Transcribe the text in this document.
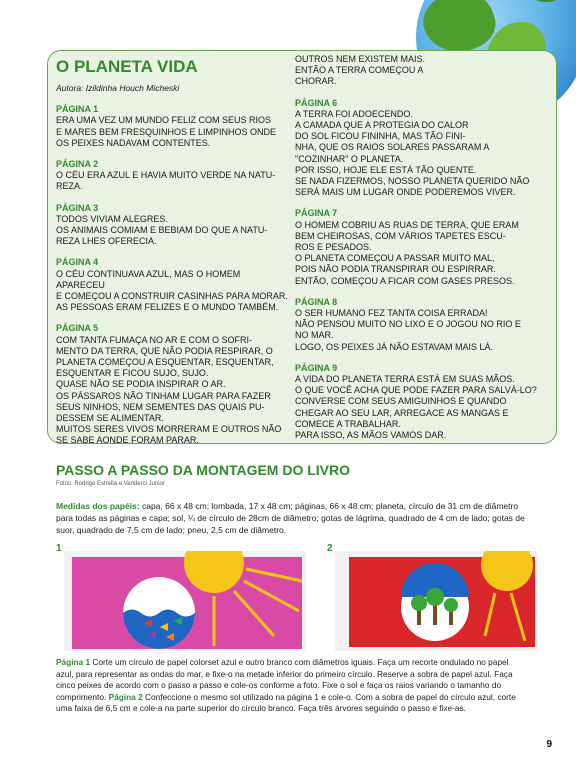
O PLANETA VIDA
Autora: Izildinha Houch Micheski
PÁGINA 1
ERA UMA VEZ UM MUNDO FELIZ COM SEUS RIOS
E MARES BEM FRESQUINHOS E LIMPINHOS ONDE
OS PEIXES NADAVAM CONTENTES.
PÁGINA 2
O CÉU ERA AZUL E HAVIA MUITO VERDE NA NATU-
REZA.
PÁGINA 3
TODOS VIVIAM ALEGRES.
OS ANIMAIS COMIAM E BEBIAM DO QUE A NATU-
REZA LHES OFERECIA.
PÁGINA 4
O CÉU CONTINUAVA AZUL, MAS O HOMEM APARECEU
E COMEÇOU A CONSTRUIR CASINHAS PARA MORAR.
AS PESSOAS ERAM FELIZES E O MUNDO TAMBÉM.
PÁGINA 5
COM TANTA FUMAÇA NO AR E COM O SOFRI-
MENTO DA TERRA, QUE NÃO PODIA RESPIRAR, O
PLANETA COMEÇOU A ESQUENTAR, ESQUENTAR,
ESQUENTAR E FICOU SUJO, SUJO.
QUASE NÃO SE PODIA INSPIRAR O AR.
OS PÁSSAROS NÃO TINHAM LUGAR PARA FAZER
SEUS NINHOS, NEM SEMENTES DAS QUAIS PU-
DESSEM SE ALIMENTAR.
MUITOS SERES VIVOS MORRERAM E OUTROS NÃO
SE SABE AONDE FORAM PARAR.
OUTROS NEM EXISTEM MAIS.
ENTÃO A TERRA COMEÇOU A
CHORAR.
PÁGINA 6
A TERRA FOI ADOECENDO.
A CAMADA QUE A PROTEGIA DO CALOR
DO SOL FICOU FININHA, MAS TÃO FINI-
NHA, QUE OS RAIOS SOLARES PASSARAM A
"COZINHAR" O PLANETA.
POR ISSO, HOJE ELE ESTÁ TÃO QUENTE.
SE NADA FIZERMOS, NOSSO PLANETA QUERIDO NÃO
SERÁ MAIS UM LUGAR ONDE PODEREMOS VIVER.
PÁGINA 7
O HOMEM COBRIU AS RUAS DE TERRA, QUE ERAM
BEM CHEIROSAS, COM VÁRIOS TAPETES ESCU-
ROS E PESADOS.
O PLANETA COMEÇOU A PASSAR MUITO MAL,
POIS NÃO PODIA TRANSPIRAR OU ESPIRRAR.
ENTÃO, COMEÇOU A FICAR COM GASES PRESOS.
PÁGINA 8
O SER HUMANO FEZ TANTA COISA ERRADA!
NÃO PENSOU MUITO NO LIXO E O JOGOU NO RIO E
NO MAR.
LOGO, OS PEIXES JÁ NÃO ESTAVAM MAIS LÁ.
PÁGINA 9
A VIDA DO PLANETA TERRA ESTÁ EM SUAS MÃOS.
O QUE VOCÊ ACHA QUE PODE FAZER PARA SALVÁ-LO?
CONVERSE COM SEUS AMIGUINHOS E QUANDO
CHEGAR AO SEU LAR, ARREGACE AS MANGAS E
COMECE A TRABALHAR.
PARA ISSO, AS MÃOS VAMOS DAR.
PASSO A PASSO DA MONTAGEM DO LIVRO
Fotos: Rodrigo Estrella e Vanderci Junior
Medidas dos papéis: capa, 66 x 48 cm; lombada, 17 x 48 cm; páginas, 66 x 48 cm; planeta, círculo de 31 cm de diâmetro para todas as páginas e capa; sol, ¼ de círculo de 28cm de diâmetro; gotas de lágrima, quadrado de 4 cm de lado; gotas de suor, quadrado de 7,5 cm de lado; pneu, 2,5 cm de diâmetro.
1	2
Página 1 Corte um círculo de papel colorset azul e outro branco com diâmetros iguais. Faça um recorte ondulado no papel azul, para representar as ondas do mar, e fixe-o na metade inferior do primeiro círculo. Reserve a sobra de papel azul. Faça cinco peixes de acordo com o passo a passo e cole-os conforme a foto. Fixe o sol e faça os raios variando o tamanho do comprimento. Página 2 Confeccione o mesmo sol utilizado na página 1 e cole-o. Com a sobra de papel do círculo azul, corte uma faixa de 6,5 cm e cole-a na parte superior do círculo branco. Faça três árvores seguindo o passo e fixe-as.
9
